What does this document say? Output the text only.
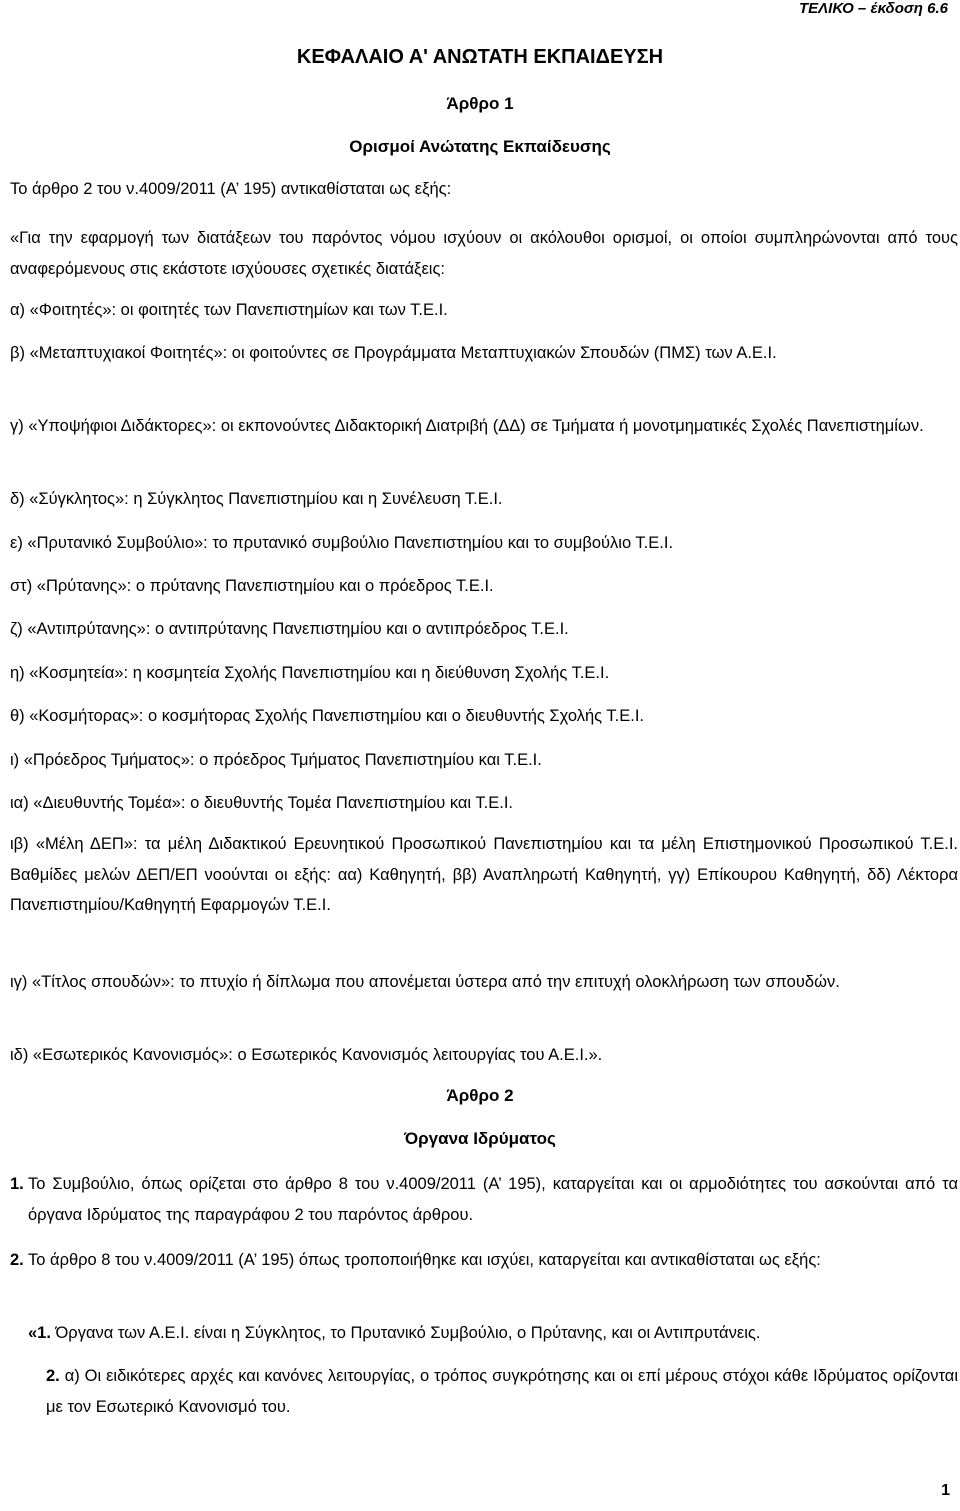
ΤΕΛΙΚΟ – έκδοση 6.6
ΚΕΦΑΛΑΙΟ Α' ΑΝΩΤΑΤΗ ΕΚΠΑΙΔΕΥΣΗ
Άρθρο 1
Ορισμοί Ανώτατης Εκπαίδευσης
Το άρθρο 2 του ν.4009/2011 (Α’ 195) αντικαθίσταται ως εξής:
«Για την εφαρμογή των διατάξεων του παρόντος νόμου ισχύουν οι ακόλουθοι ορισμοί, οι οποίοι συμπληρώνονται από τους αναφερόμενους στις εκάστοτε ισχύουσες σχετικές διατάξεις:
α) «Φοιτητές»: οι φοιτητές των Πανεπιστημίων και των Τ.Ε.Ι.
β) «Μεταπτυχιακοί Φοιτητές»: οι φοιτούντες σε Προγράμματα Μεταπτυχιακών Σπουδών (ΠΜΣ) των Α.Ε.Ι.
γ) «Υποψήφιοι Διδάκτορες»: οι εκπονούντες Διδακτορική Διατριβή (ΔΔ) σε Τμήματα ή μονοτμηματικές Σχολές Πανεπιστημίων.
δ) «Σύγκλητος»: η Σύγκλητος Πανεπιστημίου και η Συνέλευση Τ.Ε.Ι.
ε) «Πρυτανικό Συμβούλιο»: το πρυτανικό συμβούλιο Πανεπιστημίου και το συμβούλιο Τ.Ε.Ι.
στ) «Πρύτανης»: ο πρύτανης Πανεπιστημίου και ο πρόεδρος Τ.Ε.Ι.
ζ) «Αντιπρύτανης»: ο αντιπρύτανης Πανεπιστημίου και ο αντιπρόεδρος Τ.Ε.Ι.
η) «Κοσμητεία»: η κοσμητεία Σχολής Πανεπιστημίου και η διεύθυνση Σχολής Τ.Ε.Ι.
θ) «Κοσμήτορας»: ο κοσμήτορας Σχολής Πανεπιστημίου και ο διευθυντής Σχολής Τ.Ε.Ι.
ι) «Πρόεδρος Τμήματος»: ο πρόεδρος Τμήματος Πανεπιστημίου και Τ.Ε.Ι.
ια) «Διευθυντής Τομέα»: ο διευθυντής Τομέα Πανεπιστημίου και Τ.Ε.Ι.
ιβ) «Μέλη ΔΕΠ»: τα μέλη Διδακτικού Ερευνητικού Προσωπικού Πανεπιστημίου και τα μέλη Επιστημονικού Προσωπικού Τ.Ε.Ι. Βαθμίδες μελών ΔΕΠ/ΕΠ νοούνται οι εξής: αα) Καθηγητή, ββ) Αναπληρωτή Καθηγητή, γγ) Επίκουρου Καθηγητή, δδ) Λέκτορα Πανεπιστημίου/Καθηγητή Εφαρμογών Τ.Ε.Ι.
ιγ) «Τίτλος σπουδών»: το πτυχίο ή δίπλωμα που απονέμεται ύστερα από την επιτυχή ολοκλήρωση των σπουδών.
ιδ) «Εσωτερικός Κανονισμός»: ο Εσωτερικός Κανονισμός λειτουργίας του Α.Ε.Ι.».
Άρθρο 2
Όργανα Ιδρύματος
1. Το Συμβούλιο, όπως ορίζεται στο άρθρο 8 του ν.4009/2011 (Α’ 195), καταργείται και οι αρμοδιότητες του ασκούνται από τα όργανα Ιδρύματος της παραγράφου 2 του παρόντος άρθρου.
2. Το άρθρο 8 του ν.4009/2011 (Α’ 195) όπως τροποποιήθηκε και ισχύει, καταργείται και αντικαθίσταται ως εξής:
«1. Όργανα των Α.Ε.Ι. είναι η Σύγκλητος, το Πρυτανικό Συμβούλιο, ο Πρύτανης, και οι Αντιπρυτάνεις.
2. α) Οι ειδικότερες αρχές και κανόνες λειτουργίας, ο τρόπος συγκρότησης και οι επί μέρους στόχοι κάθε Ιδρύματος ορίζονται με τον Εσωτερικό Κανονισμό του.
1
